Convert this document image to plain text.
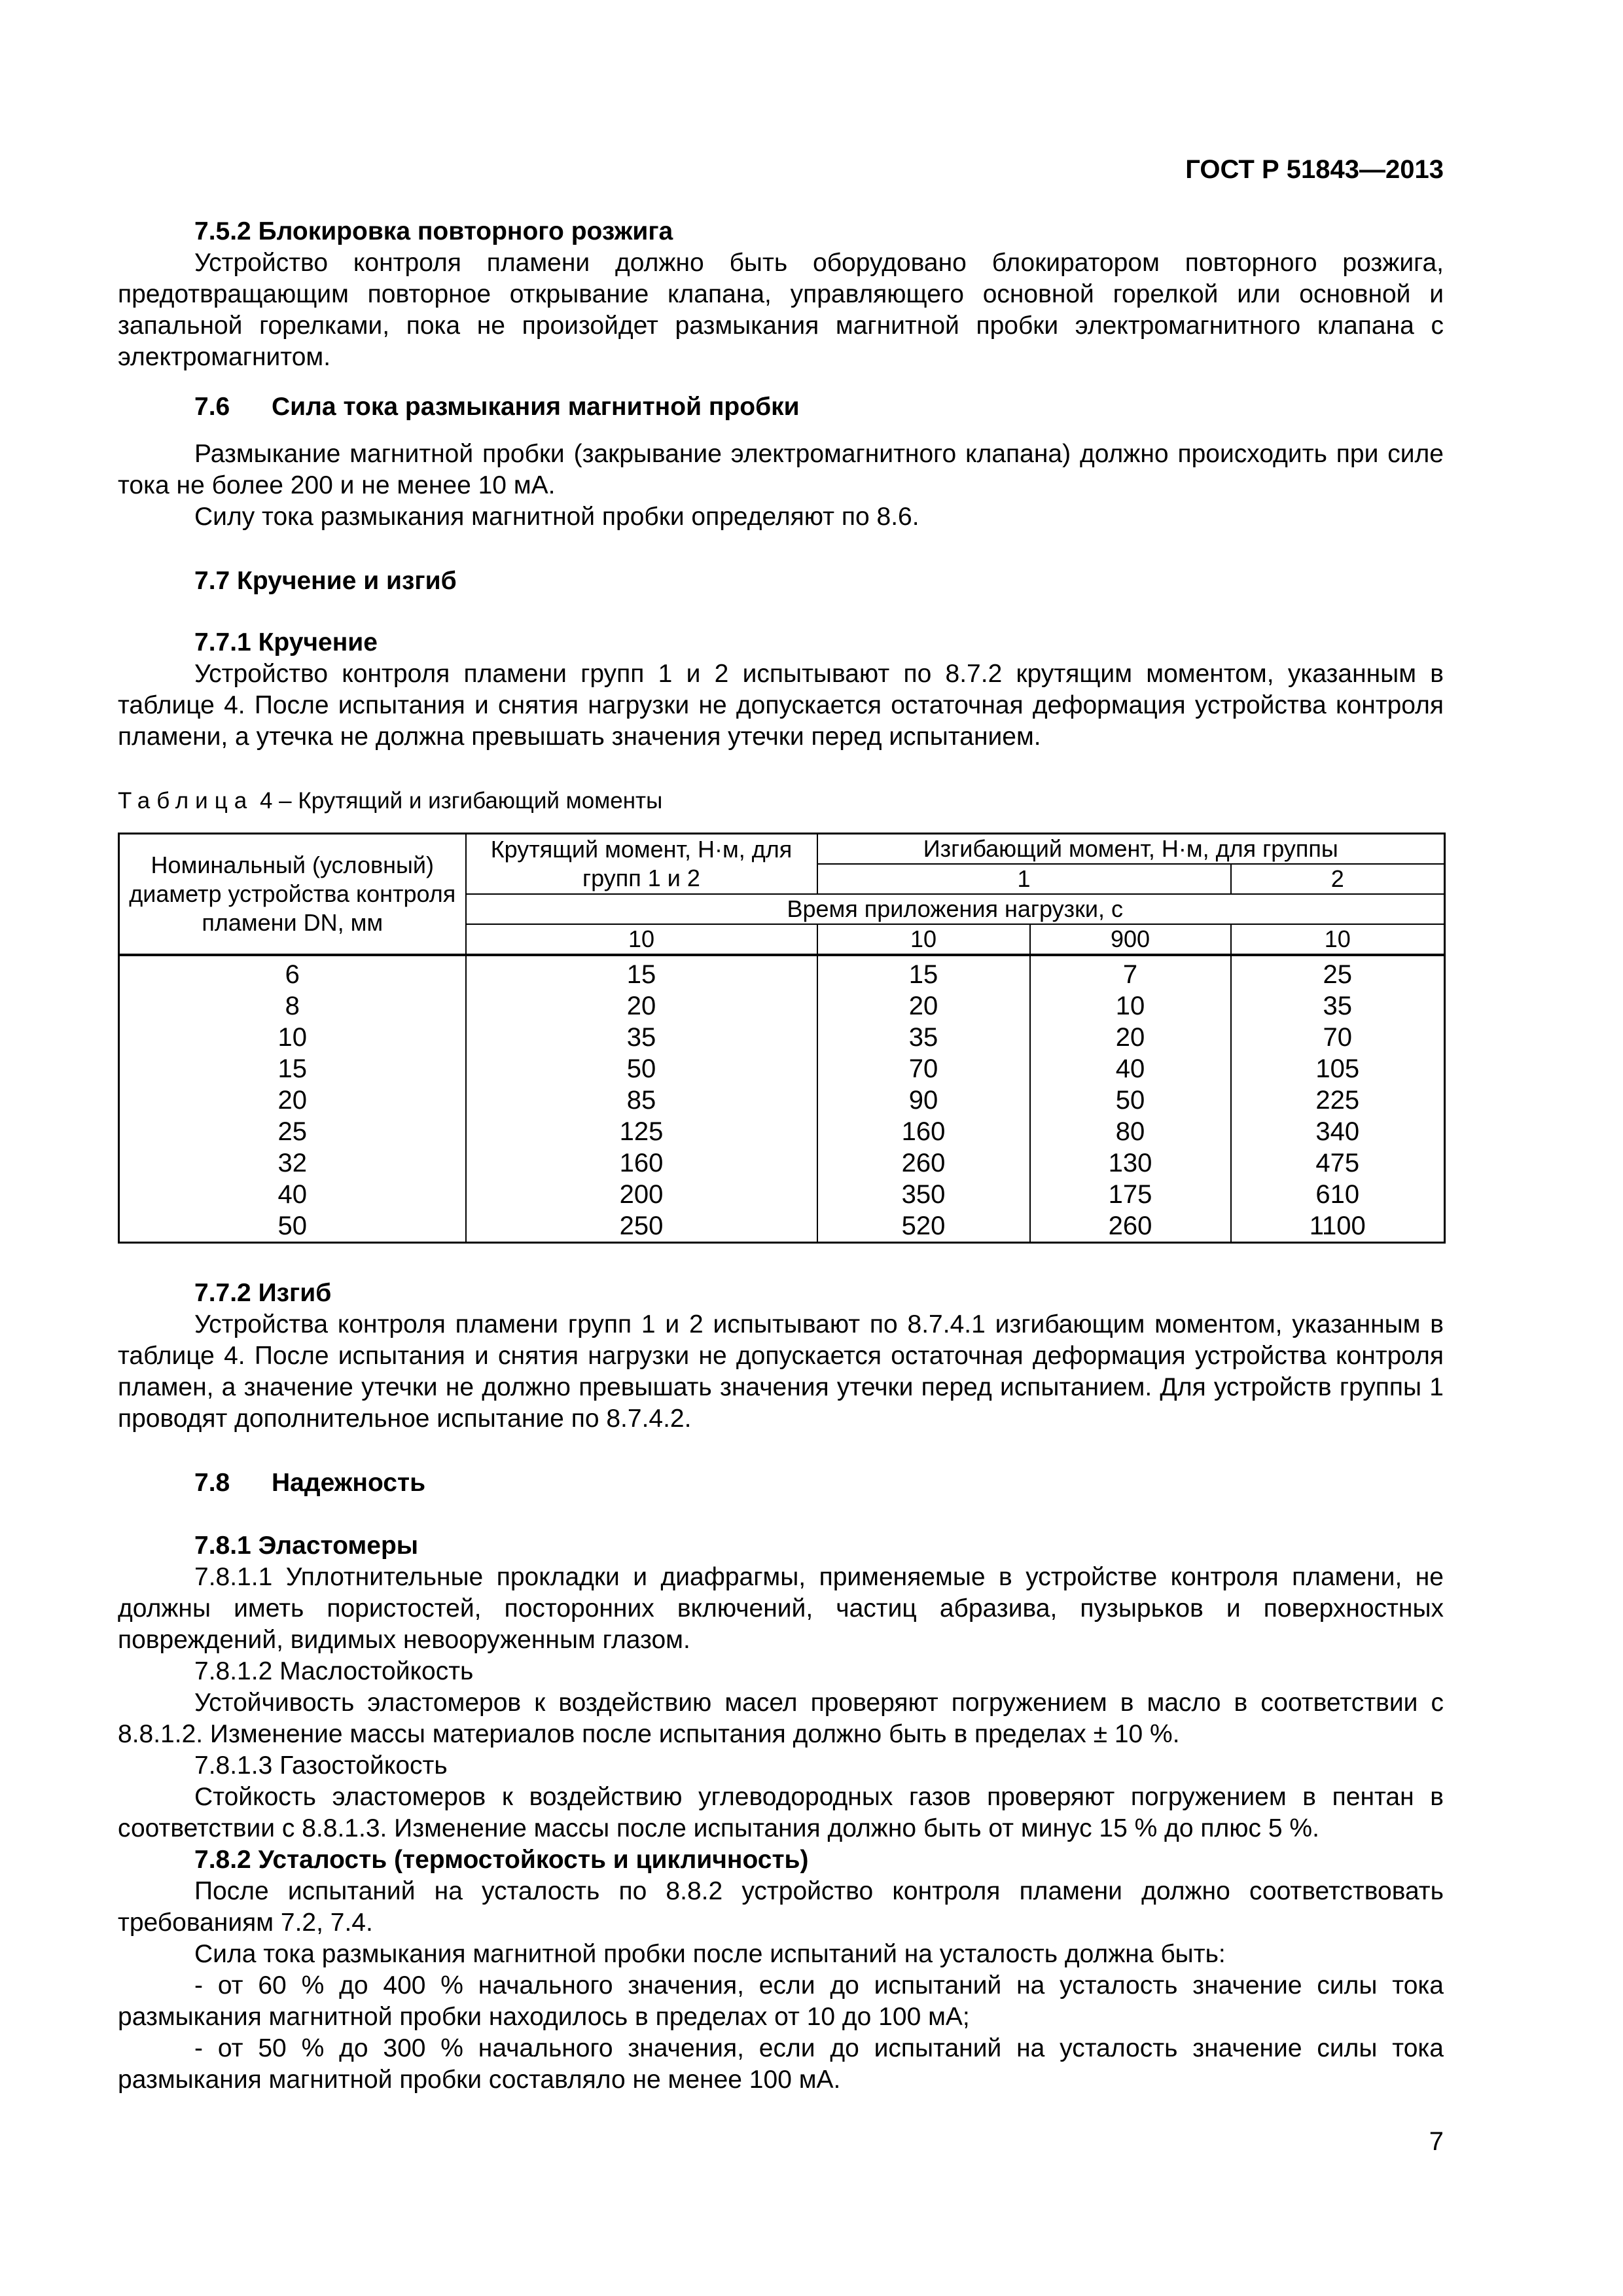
ГОСТ Р 51843—2013

7.5.2 Блокировка повторного розжига

Устройство контроля пламени должно быть оборудовано блокиратором повторного розжига, предотвращающим повторное открывание клапана, управляющего основной горелкой или основной и запальной горелками, пока не произойдет размыкания магнитной пробки электромагнитного клапана с электромагнитом.

7.6 Сила тока размыкания магнитной пробки

Размыкание магнитной пробки (закрывание электромагнитного клапана) должно происходить при силе тока не более 200 и не менее 10 мА.

Силу тока размыкания магнитной пробки определяют по 8.6.

7.7 Кручение и изгиб

7.7.1 Кручение

Устройство контроля пламени групп 1 и 2 испытывают по 8.7.2 крутящим моментом, указанным в таблице 4. После испытания и снятия нагрузки не допускается остаточная деформация устройства контроля пламени, а утечка не должна превышать значения утечки перед испытанием.

Таблица 4 – Крутящий и изгибающий моменты
Номинальный (условный) диаметр устройства контроля пламени DN, мм	Крутящий момент, Н·м, для групп 1 и 2	Изгибающий момент, Н·м, для группы		
		1		2
	Время приложения нагрузки, с			
	10	10	900	10
6	15	15	7	25
8	20	20	10	35
10	35	35	20	70
15	50	70	40	105
20	85	90	50	225
25	125	160	80	340
32	160	260	130	475
40	200	350	175	610
50	250	520	260	1100

7.7.2 Изгиб

Устройства контроля пламени групп 1 и 2 испытывают по 8.7.4.1 изгибающим моментом, указанным в таблице 4. После испытания и снятия нагрузки не допускается остаточная деформация устройства контроля пламен, а значение утечки не должно превышать значения утечки перед испытанием. Для устройств группы 1 проводят дополнительное испытание по 8.7.4.2.

7.8 Надежность

7.8.1 Эластомеры

7.8.1.1 Уплотнительные прокладки и диафрагмы, применяемые в устройстве контроля пламени, не должны иметь пористостей, посторонних включений, частиц абразива, пузырьков и поверхностных повреждений, видимых невооруженным глазом.

7.8.1.2 Маслостойкость

Устойчивость эластомеров к воздействию масел проверяют погружением в масло в соответствии с 8.8.1.2. Изменение массы материалов после испытания должно быть в пределах ± 10 %.

7.8.1.3 Газостойкость

Стойкость эластомеров к воздействию углеводородных газов проверяют погружением в пентан в соответствии с 8.8.1.3. Изменение массы после испытания должно быть от минус 15 % до плюс 5 %.

7.8.2 Усталость (термостойкость и цикличность)

После испытаний на усталость по 8.8.2 устройство контроля пламени должно соответствовать требованиям 7.2, 7.4.

Сила тока размыкания магнитной пробки после испытаний на усталость должна быть:

- от 60 % до 400 % начального значения, если до испытаний на усталость значение силы тока размыкания магнитной пробки находилось в пределах от 10 до 100 мА;

- от 50 % до 300 % начального значения, если до испытаний на усталость значение силы тока размыкания магнитной пробки составляло не менее 100 мА.

7
